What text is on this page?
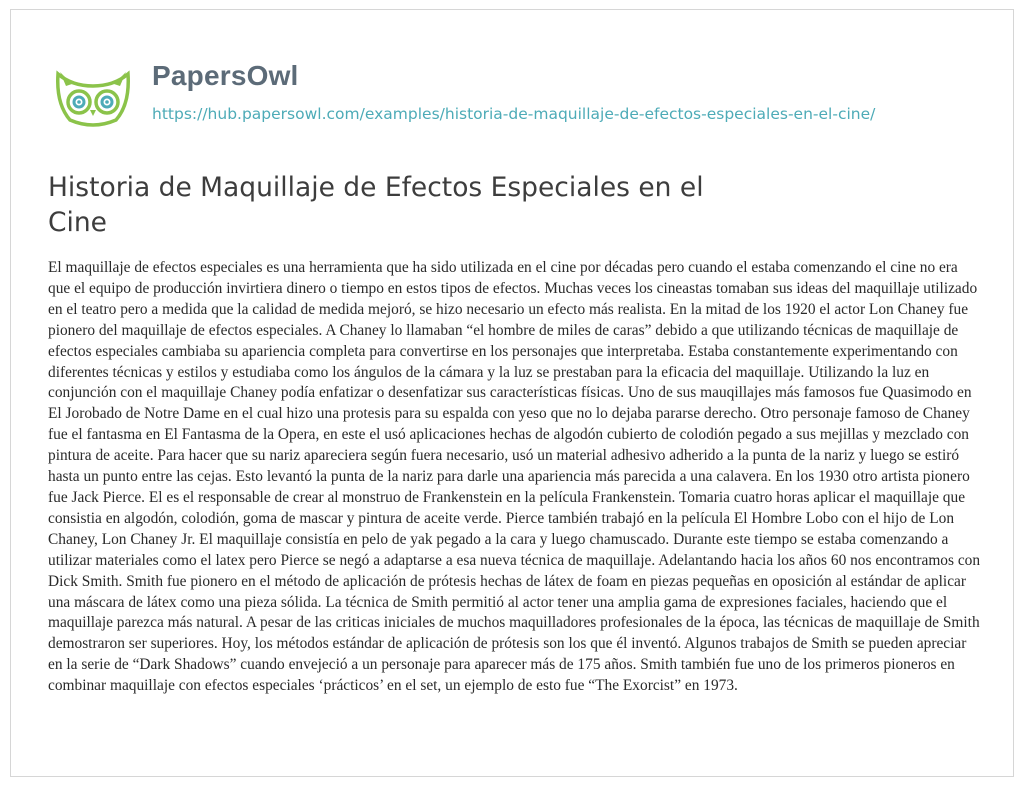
PapersOwl
https://hub.papersowl.com/examples/historia-de-maquillaje-de-efectos-especiales-en-el-cine/
Historia de Maquillaje de Efectos Especiales en el Cine

El maquillaje de efectos especiales es una herramienta que ha sido utilizada en el cine por décadas pero cuando el estaba comenzando el cine no era que el equipo de producción invirtiera dinero o tiempo en estos tipos de efectos. Muchas veces los cineastas tomaban sus ideas del maquillaje utilizado en el teatro pero a medida que la calidad de medida mejoró, se hizo necesario un efecto más realista. En la mitad de los 1920 el actor Lon Chaney fue pionero del maquillaje de efectos especiales. A Chaney lo llamaban “el hombre de miles de caras” debido a que utilizando técnicas de maquillaje de efectos especiales cambiaba su apariencia completa para convertirse en los personajes que interpretaba. Estaba constantemente experimentando con diferentes técnicas y estilos y estudiaba como los ángulos de la cámara y la luz se prestaban para la eficacia del maquillaje. Utilizando la luz en conjunción con el maquillaje Chaney podía enfatizar o desenfatizar sus características físicas. Uno de sus mauqillajes más famosos fue Quasimodo en El Jorobado de Notre Dame en el cual hizo una protesis para su espalda con yeso que no lo dejaba pararse derecho. Otro personaje famoso de Chaney fue el fantasma en El Fantasma de la Opera, en este el usó aplicaciones hechas de algodón cubierto de colodión pegado a sus mejillas y mezclado con pintura de aceite. Para hacer que su nariz apareciera según fuera necesario, usó un material adhesivo adherido a la punta de la nariz y luego se estiró hasta un punto entre las cejas. Esto levantó la punta de la nariz para darle una apariencia más parecida a una calavera. En los 1930 otro artista pionero fue Jack Pierce. El es el responsable de crear al monstruo de Frankenstein en la película Frankenstein. Tomaria cuatro horas aplicar el maquillaje que consistia en algodón, colodión, goma de mascar y pintura de aceite verde. Pierce también trabajó en la película El Hombre Lobo con el hijo de Lon Chaney, Lon Chaney Jr. El maquillaje consistía en pelo de yak pegado a la cara y luego chamuscado. Durante este tiempo se estaba comenzando a utilizar materiales como el latex pero Pierce se negó a adaptarse a esa nueva técnica de maquillaje. Adelantando hacia los años 60 nos encontramos con Dick Smith. Smith fue pionero en el método de aplicación de prótesis hechas de látex de foam en piezas pequeñas en oposición al estándar de aplicar una máscara de látex como una pieza sólida. La técnica de Smith permitió al actor tener una amplia gama de expresiones faciales, haciendo que el maquillaje parezca más natural. A pesar de las criticas iniciales de muchos maquilladores profesionales de la época, las técnicas de maquillaje de Smith demostraron ser superiores. Hoy, los métodos estándar de aplicación de prótesis son los que él inventó. Algunos trabajos de Smith se pueden apreciar en la serie de “Dark Shadows” cuando envejeció a un personaje para aparecer más de 175 años. Smith también fue uno de los primeros pioneros en combinar maquillaje con efectos especiales ‘prácticos’ en el set, un ejemplo de esto fue “The Exorcist” en 1973.
